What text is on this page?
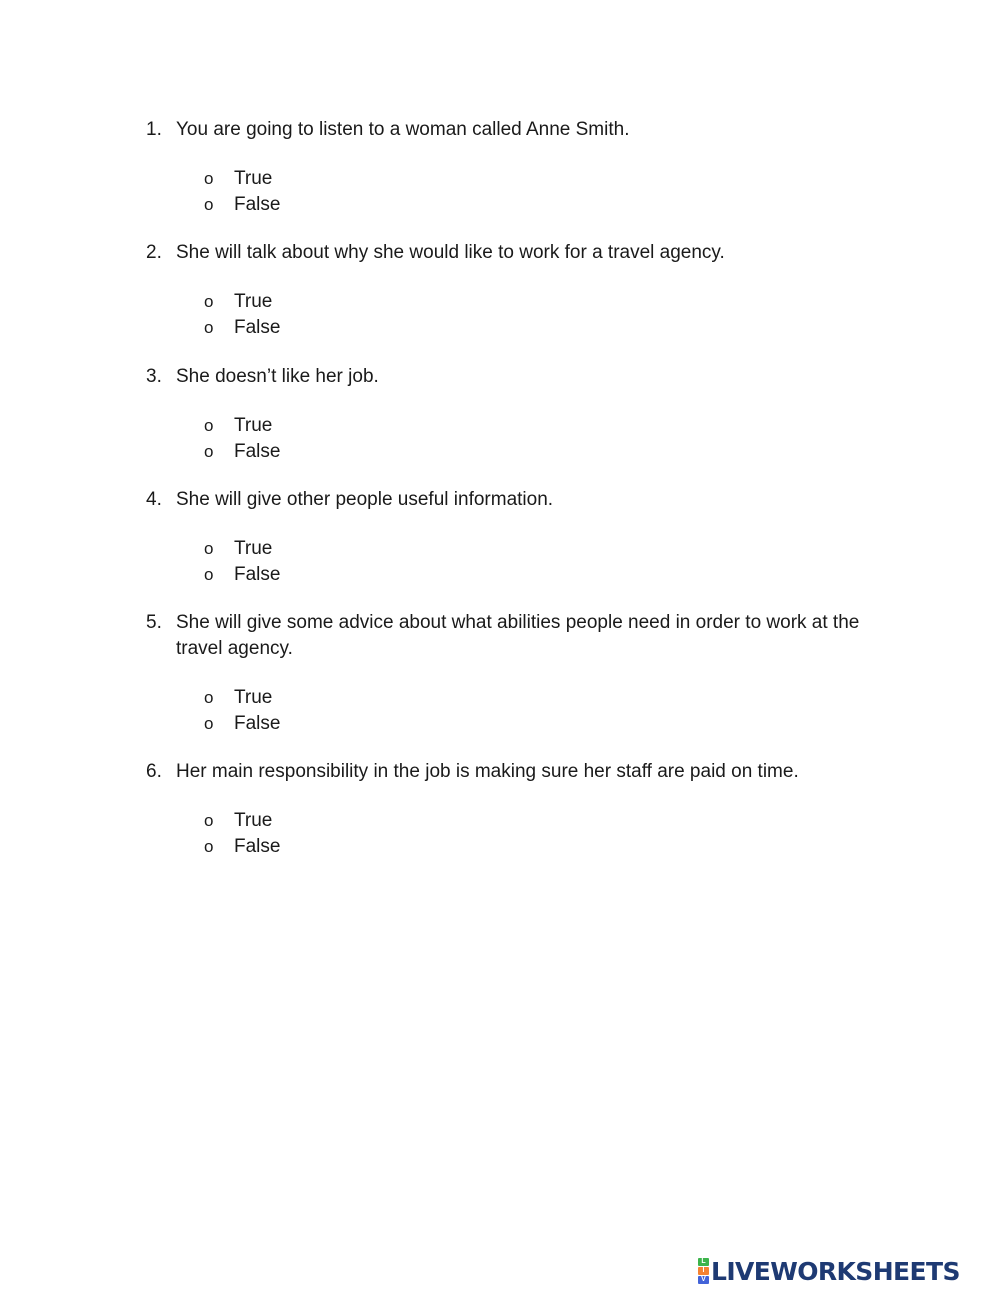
1. You are going to listen to a woman called Anne Smith.
o	True
o	False
2. She will talk about why she would like to work for a travel agency.
o	True
o	False
3. She doesn’t like her job.
o	True
o	False
4. She will give other people useful information.
o	True
o	False
5. She will give some advice about what abilities people need in order to work at the travel agency.
o	True
o	False
6. Her main responsibility in the job is making sure her staff are paid on time.
o	True
o	False
L
I
V LIVEWORKSHEETS
